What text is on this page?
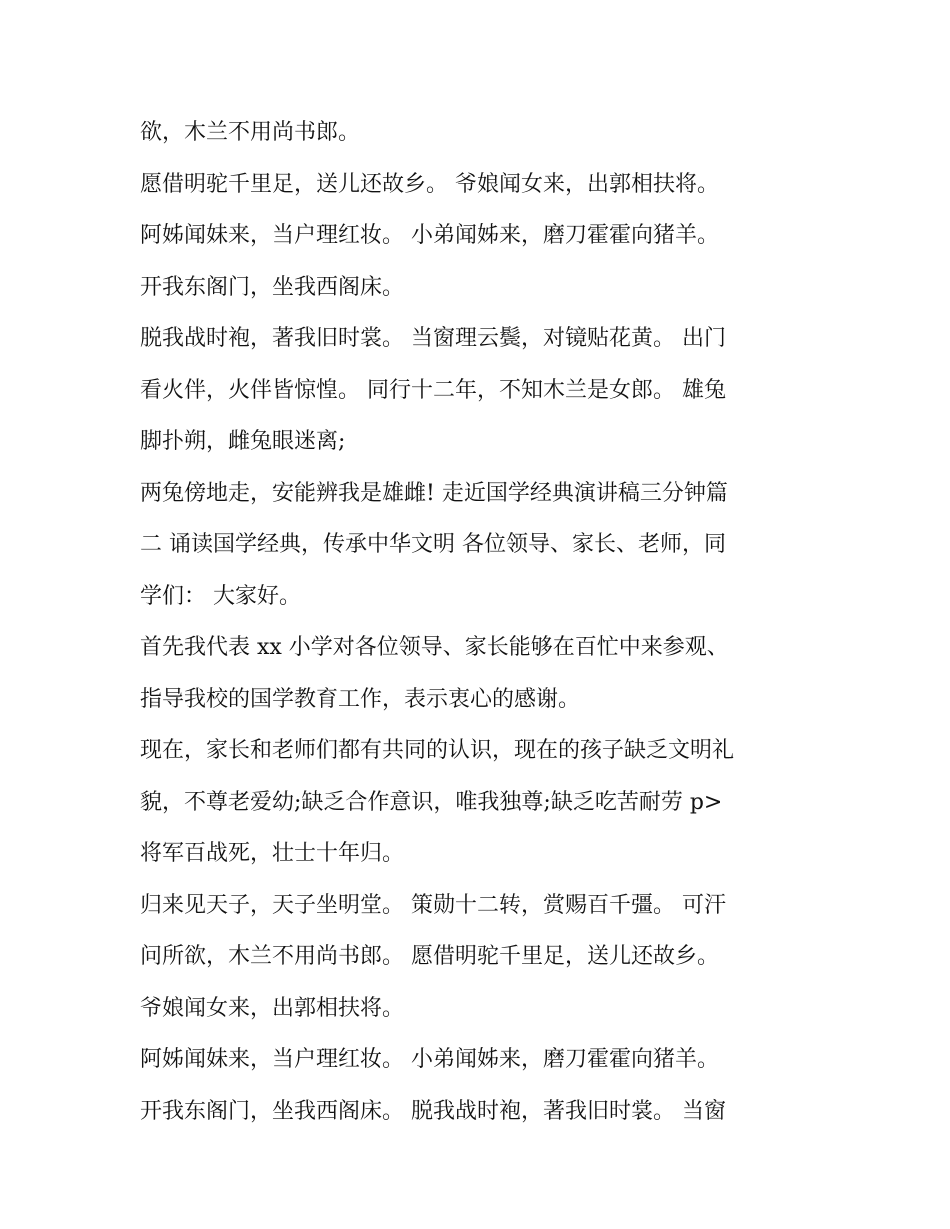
欲，木兰不用尚书郎。
愿借明驼千里足，送儿还故乡。 爷娘闻女来，出郭相扶将。
阿姊闻妹来，当户理红妆。 小弟闻姊来，磨刀霍霍向猪羊。
开我东阁门，坐我西阁床。
脱我战时袍，著我旧时裳。 当窗理云鬓，对镜贴花黄。 出门
看火伴，火伴皆惊惶。 同行十二年，不知木兰是女郎。 雄兔
脚扑朔，雌兔眼迷离;
两兔傍地走，安能辨我是雄雌! 走近国学经典演讲稿三分钟篇
二 诵读国学经典，传承中华文明 各位领导、家长、老师，同
学们： 大家好。
首先我代表 xx 小学对各位领导、家长能够在百忙中来参观、
指导我校的国学教育工作，表示衷心的感谢。
现在，家长和老师们都有共同的认识，现在的孩子缺乏文明礼
貌，不尊老爱幼;缺乏合作意识，唯我独尊;缺乏吃苦耐劳 p>
将军百战死，壮士十年归。
归来见天子，天子坐明堂。 策勋十二转，赏赐百千彊。 可汗
问所欲，木兰不用尚书郎。 愿借明驼千里足，送儿还故乡。
爷娘闻女来，出郭相扶将。
阿姊闻妹来，当户理红妆。 小弟闻姊来，磨刀霍霍向猪羊。
开我东阁门，坐我西阁床。 脱我战时袍，著我旧时裳。 当窗
